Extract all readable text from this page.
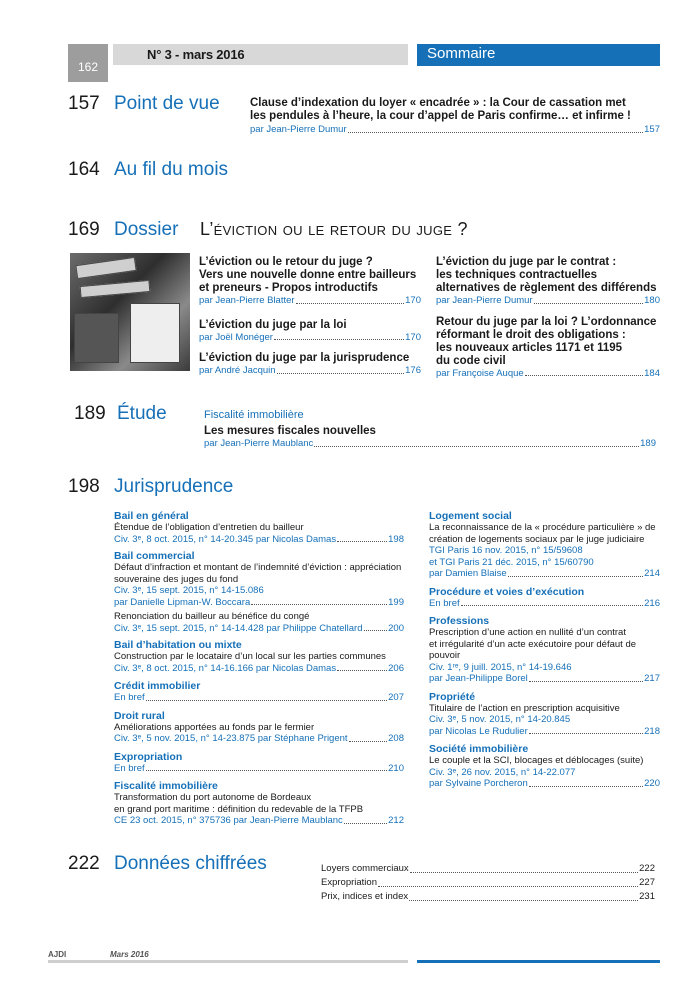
162
N° 3 - mars 2016	Sommaire
157 Point de vue	Clause d’indexation du loyer « encadrée » : la Cour de cassation met
les pendules à l’heure, la cour d’appel de Paris confirme… et infirme !
par Jean-Pierre Dumur	157
164 Au fil du mois
169 Dossier L’éviction ou le retour du juge ?
L’éviction ou le retour du juge ?
Vers une nouvelle donne entre bailleurs
et preneurs - Propos introductifs
par Jean-Pierre Blatter	170
L’éviction du juge par la loi
par Joël Monéger	170
L’éviction du juge par la jurisprudence
par André Jacquin	176
L’éviction du juge par le contrat :
les techniques contractuelles
alternatives de règlement des différends
par Jean-Pierre Dumur	180
Retour du juge par la loi ? L’ordonnance
réformant le droit des obligations :
les nouveaux articles 1171 et 1195
du code civil
par Françoise Auque	184
189 Étude	Fiscalité immobilière
Les mesures fiscales nouvelles
par Jean-Pierre Maublanc	189
198 Jurisprudence
Bail en général
Étendue de l’obligation d’entretien du bailleur
Civ. 3ᵉ, 8 oct. 2015, n° 14-20.345 par Nicolas Damas	198
Bail commercial
Défaut d’infraction et montant de l’indemnité d’éviction : appréciation
souveraine des juges du fond
Civ. 3ᵉ, 15 sept. 2015, n° 14-15.086
par Danielle Lipman-W. Boccara	199
Renonciation du bailleur au bénéfice du congé
Civ. 3ᵉ, 15 sept. 2015, n° 14-14.428 par Philippe Chatellard	200
Bail d’habitation ou mixte
Construction par le locataire d’un local sur les parties communes
Civ. 3ᵉ, 8 oct. 2015, n° 14-16.166 par Nicolas Damas	206
Crédit immobilier
En bref	207
Droit rural
Améliorations apportées au fonds par le fermier
Civ. 3ᵉ, 5 nov. 2015, n° 14-23.875 par Stéphane Prigent	208
Expropriation
En bref	210
Fiscalité immobilière
Transformation du port autonome de Bordeaux
en grand port maritime : définition du redevable de la TFPB
CE 23 oct. 2015, n° 375736 par Jean-Pierre Maublanc	212
Logement social
La reconnaissance de la « procédure particulière » de
création de logements sociaux par le juge judiciaire
TGI Paris 16 nov. 2015, n° 15/59608
et TGI Paris 21 déc. 2015, n° 15/60790
par Damien Blaise	214
Procédure et voies d’exécution
En bref	216
Professions
Prescription d’une action en nullité d’un contrat
et irrégularité d’un acte exécutoire pour défaut de
pouvoir
Civ. 1ʳᵉ, 9 juill. 2015, n° 14-19.646
par Jean-Philippe Borel	217
Propriété
Titulaire de l’action en prescription acquisitive
Civ. 3ᵉ, 5 nov. 2015, n° 14-20.845
par Nicolas Le Rudulier	218
Société immobilière
Le couple et la SCI, blocages et déblocages (suite)
Civ. 3ᵉ, 26 nov. 2015, n° 14-22.077
par Sylvaine Porcheron	220
222 Données chiffrées	Loyers commerciaux	222
Expropriation	227
Prix, indices et index	231
AJDI	Mars 2016
